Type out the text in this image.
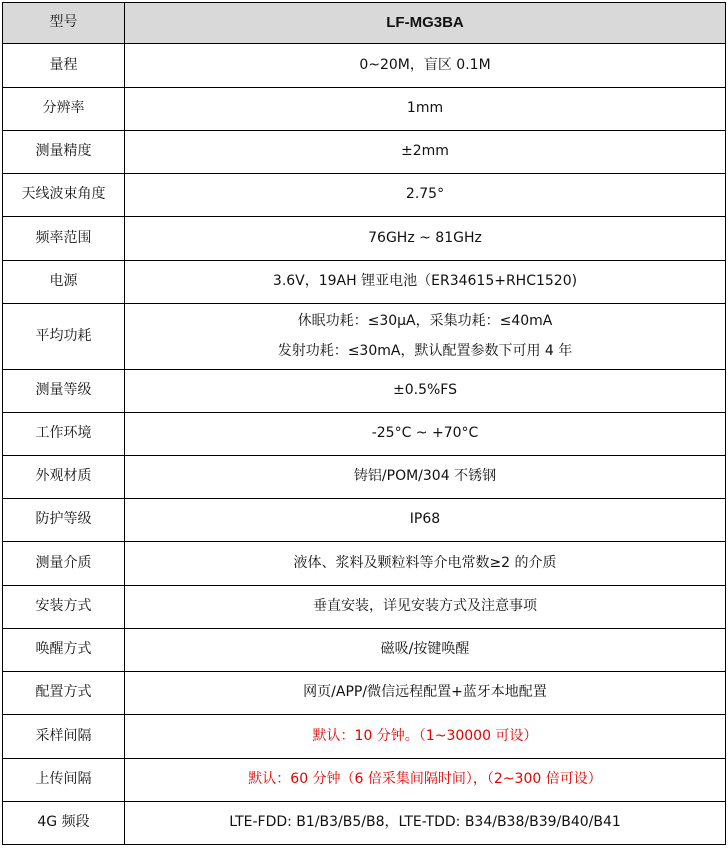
型号	LF-MG3BA
量程	0~20M，盲区 0.1M
分辨率	1mm
测量精度	±2mm
天线波束角度	2.75°
频率范围	76GHz ~ 81GHz
电源	3.6V，19AH 锂亚电池（ER34615+RHC1520)
平均功耗	休眠功耗：≤30μA，采集功耗：≤40mA
发射功耗：≤30mA，默认配置参数下可用 4 年

测量等级	±0.5%FS
工作环境	-25°C ~ +70°C
外观材质	铸铝/POM/304 不锈钢
防护等级	IP68
测量介质	液体、浆料及颗粒料等介电常数≥2 的介质
安装方式	垂直安装，详见安装方式及注意事项
唤醒方式	磁吸/按键唤醒
配置方式	网页/APP/微信远程配置+蓝牙本地配置
采样间隔	默认：10 分钟。（1~30000 可设）
上传间隔	默认：60 分钟（6 倍采集间隔时间），（2~300 倍可设）
4G 频段	LTE-FDD: B1/B3/B5/B8，LTE-TDD: B34/B38/B39/B40/B41
